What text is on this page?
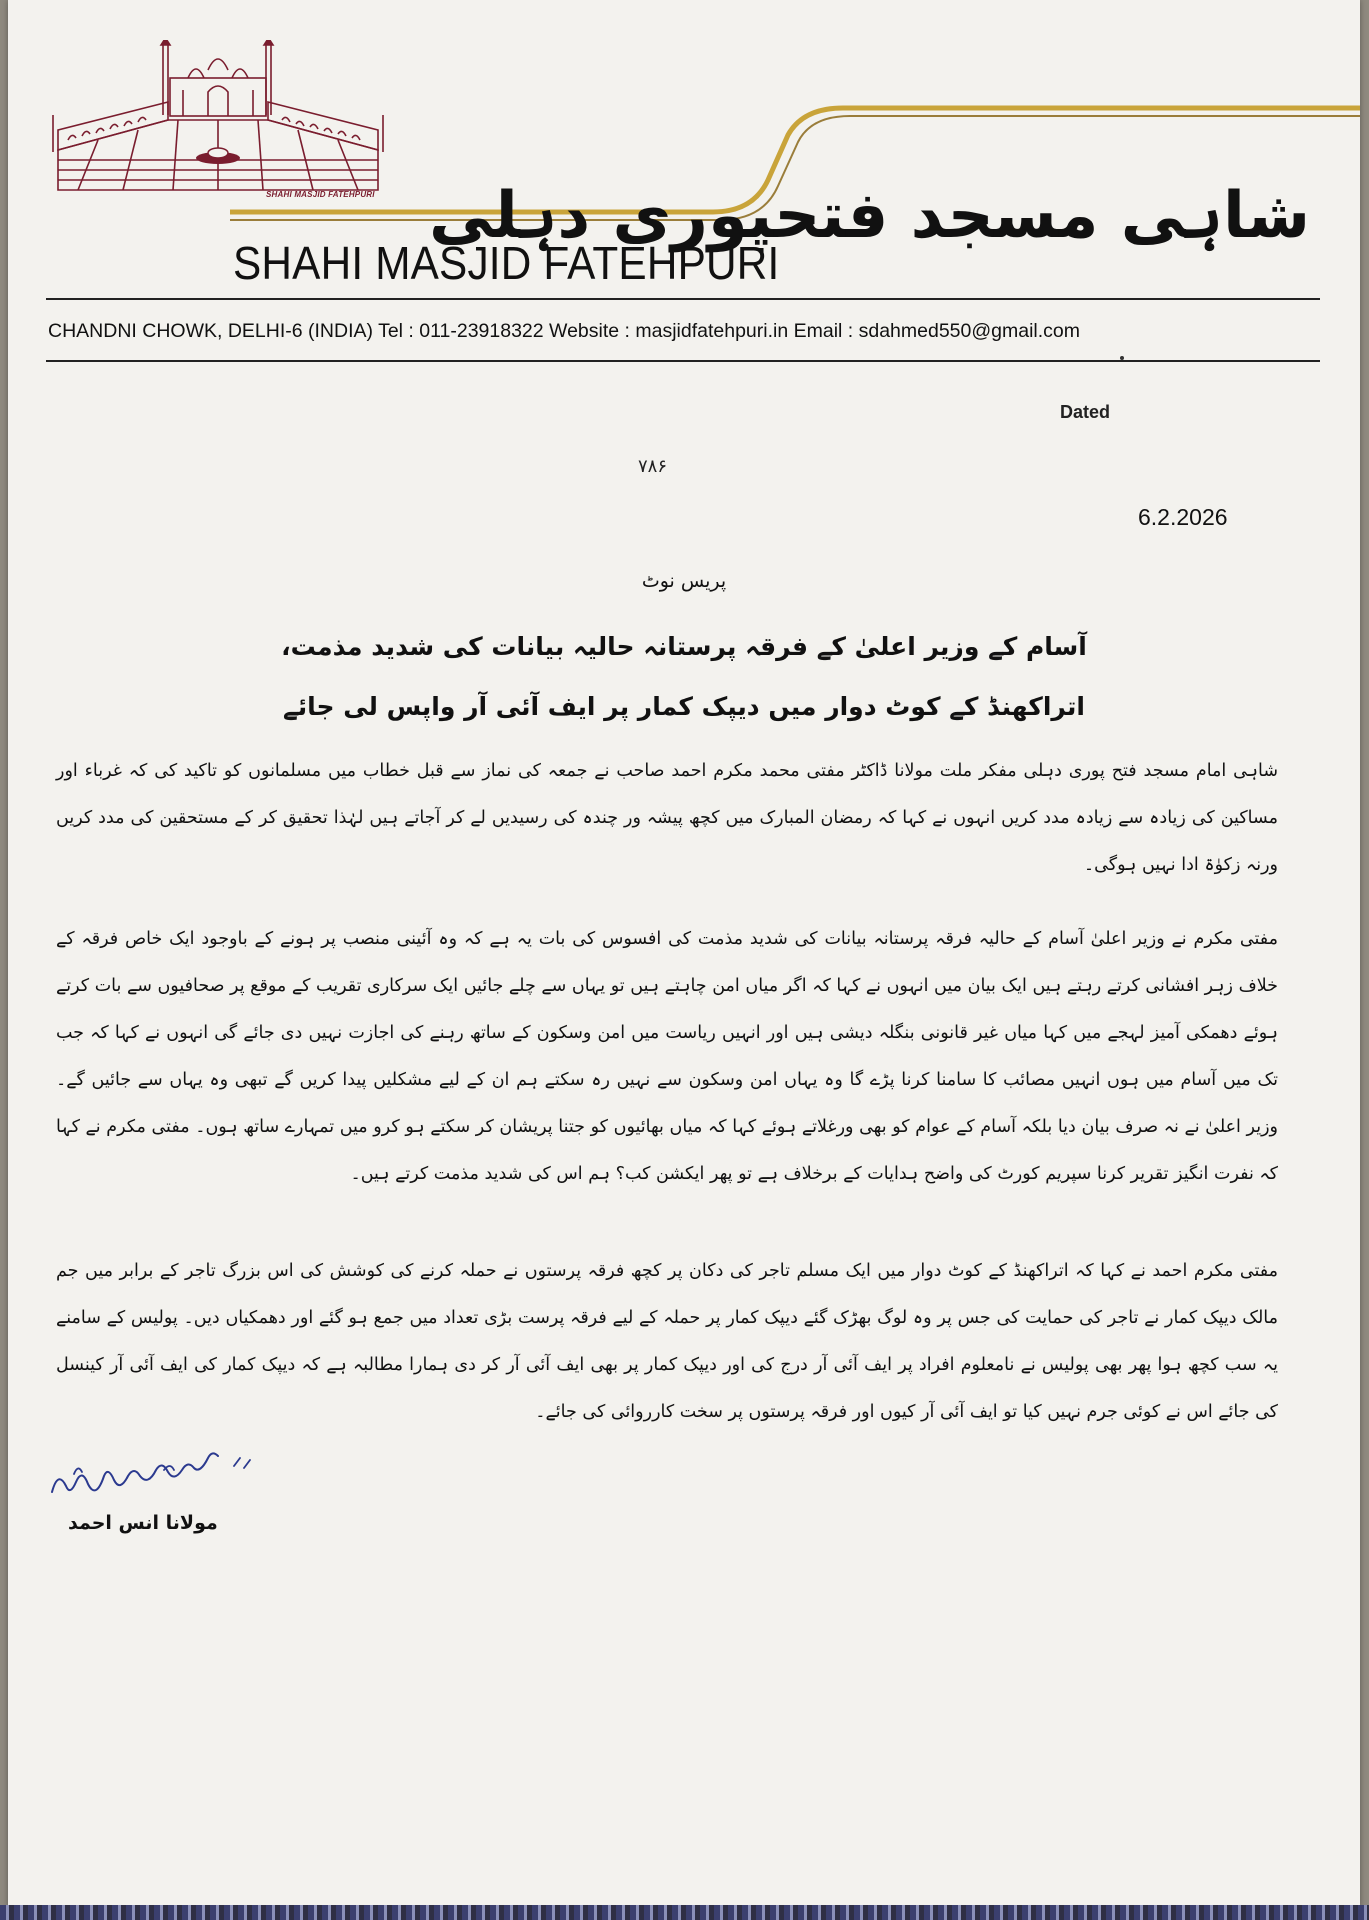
SHAHI MASJID FATEHPURI
SHAHI MASJID FATEHPURI
شاہی مسجد فتحپوری دہلی
CHANDNI CHOWK, DELHI-6 (INDIA) Tel : 011-23918322 Website : masjidfatehpuri.in Email : sdahmed550@gmail.com
Dated
۷۸۶
6.2.2026
پریس نوٹ
آسام کے وزیر اعلیٰ کے فرقہ پرستانہ حالیہ بیانات کی شدید مذمت،
اتراکھنڈ کے کوٹ دوار میں دیپک کمار پر ایف آئی آر واپس لی جائے

شاہی امام مسجد فتح پوری دہلی مفکر ملت مولانا ڈاکٹر مفتی محمد مکرم احمد صاحب نے جمعہ کی نماز سے قبل خطاب میں مسلمانوں کو تاکید کی کہ غرباء اور مساکین کی زیادہ سے زیادہ مدد کریں انہوں نے کہا کہ رمضان المبارک میں کچھ پیشہ ور چندہ کی رسیدیں لے کر آجاتے ہیں لہٰذا تحقیق کر کے مستحقین کی مدد کریں ورنہ زکوٰۃ ادا نہیں ہوگی۔

مفتی مکرم نے وزیر اعلیٰ آسام کے حالیہ فرقہ پرستانہ بیانات کی شدید مذمت کی افسوس کی بات یہ ہے کہ وہ آئینی منصب پر ہونے کے باوجود ایک خاص فرقہ کے خلاف زہر افشانی کرتے رہتے ہیں ایک بیان میں انہوں نے کہا کہ اگر میاں امن چاہتے ہیں تو یہاں سے چلے جائیں ایک سرکاری تقریب کے موقع پر صحافیوں سے بات کرتے ہوئے دھمکی آمیز لہجے میں کہا میاں غیر قانونی بنگلہ دیشی ہیں اور انہیں ریاست میں امن وسکون کے ساتھ رہنے کی اجازت نہیں دی جائے گی انہوں نے کہا کہ جب تک میں آسام میں ہوں انہیں مصائب کا سامنا کرنا پڑے گا وہ یہاں امن وسکون سے نہیں رہ سکتے ہم ان کے لیے مشکلیں پیدا کریں گے تبھی وہ یہاں سے جائیں گے۔ وزیر اعلیٰ نے نہ صرف بیان دیا بلکہ آسام کے عوام کو بھی ورغلاتے ہوئے کہا کہ میاں بھائیوں کو جتنا پریشان کر سکتے ہو کرو میں تمہارے ساتھ ہوں۔ مفتی مکرم نے کہا کہ نفرت انگیز تقریر کرنا سپریم کورٹ کی واضح ہدایات کے برخلاف ہے تو پھر ایکشن کب؟ ہم اس کی شدید مذمت کرتے ہیں۔

مفتی مکرم احمد نے کہا کہ اتراکھنڈ کے کوٹ دوار میں ایک مسلم تاجر کی دکان پر کچھ فرقہ پرستوں نے حملہ کرنے کی کوشش کی اس بزرگ تاجر کے برابر میں جم مالک دیپک کمار نے تاجر کی حمایت کی جس پر وہ لوگ بھڑک گئے دیپک کمار پر حملہ کے لیے فرقہ پرست بڑی تعداد میں جمع ہو گئے اور دھمکیاں دیں۔ پولیس کے سامنے یہ سب کچھ ہوا پھر بھی پولیس نے نامعلوم افراد پر ایف آئی آر درج کی اور دیپک کمار پر بھی ایف آئی آر کر دی ہمارا مطالبہ ہے کہ دیپک کمار کی ایف آئی آر کینسل کی جائے اس نے کوئی جرم نہیں کیا تو ایف آئی آر کیوں اور فرقہ پرستوں پر سخت کارروائی کی جائے۔

مولانا انس احمد
